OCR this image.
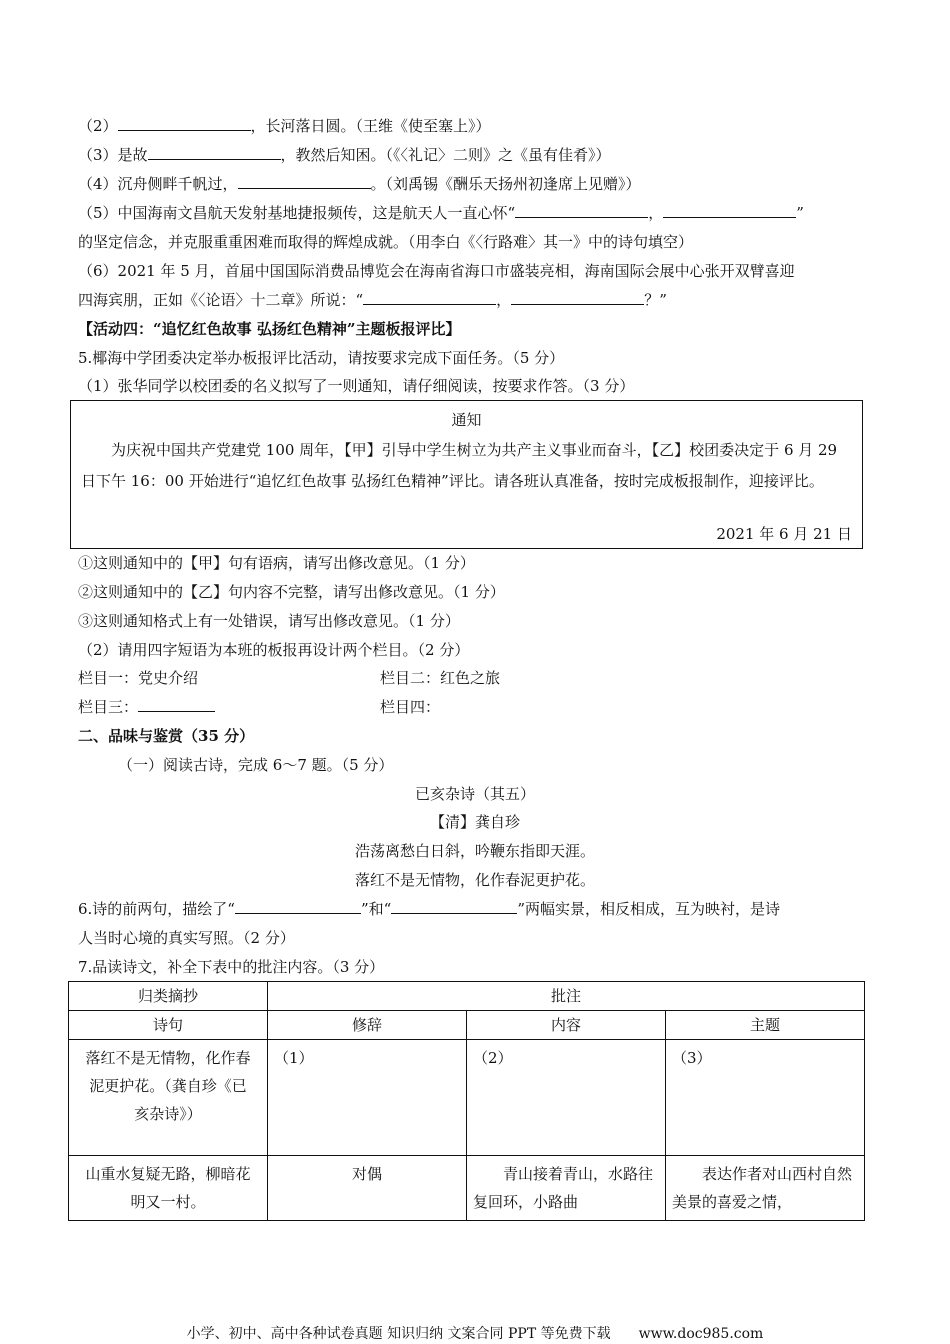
（2）	，长河落日圆。（王维《使至塞上》）
（3）是故	，教然后知困。（《〈礼记〉二则》之《虽有佳肴》）
（4）沉舟侧畔千帆过，	。（刘禹锡《酬乐天扬州初逢席上见赠》）
（5）中国海南文昌航天发射基地捷报频传，这是航天人一直心怀“	，	”
的坚定信念，并克服重重困难而取得的辉煌成就。（用李白《〈行路难〉其一》中的诗句填空）
（6）2021 年 5 月，首届中国国际消费品博览会在海南省海口市盛装亮相，海南国际会展中心张开双臂喜迎
四海宾朋，正如《〈论语〉十二章》所说：“	，	？”
【活动四：“追忆红色故事 弘扬红色精神”主题板报评比】
5.椰海中学团委决定举办板报评比活动，请按要求完成下面任务。（5 分）
（1）张华同学以校团委的名义拟写了一则通知，请仔细阅读，按要求作答。（3 分）
通知
为庆祝中国共产党建党 100 周年，【甲】引导中学生树立为共产主义事业而奋斗，【乙】校团委决定于 6 月 29 日下午 16：00 开始进行“追忆红色故事 弘扬红色精神”评比。请各班认真准备，按时完成板报制作，迎接评比。
2021 年 6 月 21 日
①这则通知中的【甲】句有语病，请写出修改意见。（1 分）
②这则通知中的【乙】句内容不完整，请写出修改意见。（1 分）
③这则通知格式上有一处错误，请写出修改意见。（1 分）
（2）请用四字短语为本班的板报再设计两个栏目。（2 分）
栏目一：党史介绍	栏目二：红色之旅
栏目三：	栏目四：
二、品味与鉴赏（35 分）
（一）阅读古诗，完成 6～7 题。（5 分）
已亥杂诗（其五）
【清】龚自珍
浩荡离愁白日斜，吟鞭东指即天涯。
落红不是无情物，化作春泥更护花。
6.诗的前两句，描绘了“	”和“	”两幅实景，相反相成，互为映衬，是诗
人当时心境的真实写照。（2 分）
7.品读诗文，补全下表中的批注内容。（3 分）
归类摘抄	批注		
诗句	修辞	内容	主题
落红不是无情物，化作春泥更护花。（龚自珍《已亥杂诗》）	（1）	（2）	（3）
山重水复疑无路，柳暗花明又一村。	对偶	青山接着青山，水路往复回环，小路曲	表达作者对山西村自然美景的喜爱之情，
小学、初中、高中各种试卷真题 知识归纳 文案合同 PPT 等免费下载　　www.doc985.com
